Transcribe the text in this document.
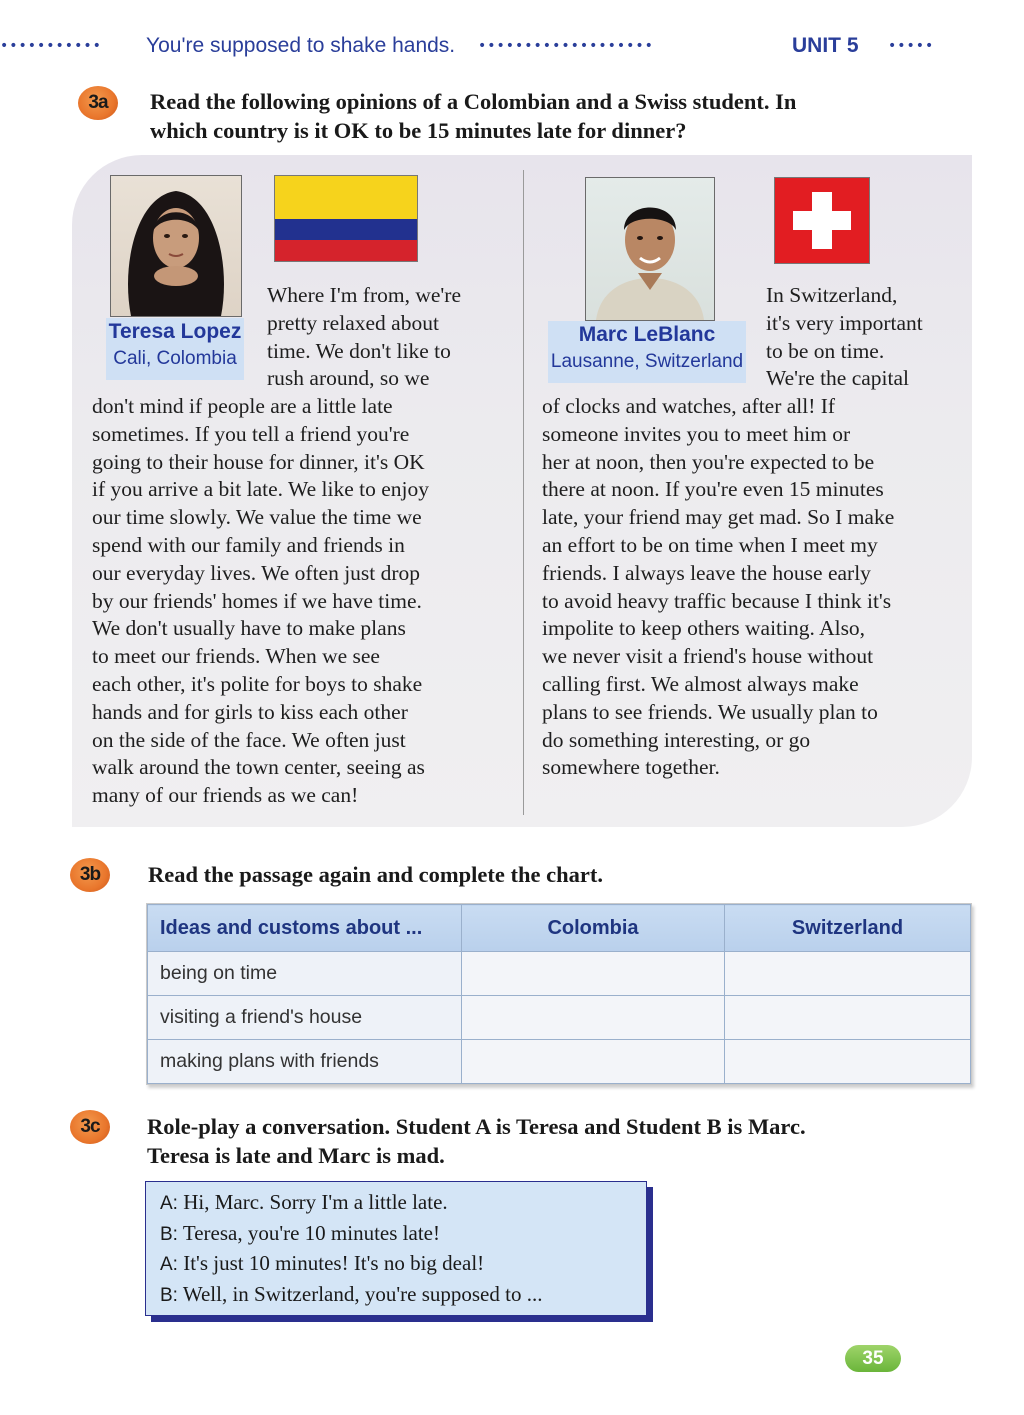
••••••••••• You're supposed to shake hands. •••••••••••••••••••	UNIT 5 •••••
3a	Read the following opinions of a Colombian and a Swiss student. In
which country is it OK to be 15 minutes late for dinner?
Teresa Lopez
Cali, Colombia
Where I'm from, we're
pretty relaxed about
time. We don't like to
rush around, so we
don't mind if people are a little late
sometimes. If you tell a friend you're
going to their house for dinner, it's OK
if you arrive a bit late. We like to enjoy
our time slowly. We value the time we
spend with our family and friends in
our everyday lives. We often just drop
by our friends' homes if we have time.
We don't usually have to make plans
to meet our friends. When we see
each other, it's polite for boys to shake
hands and for girls to kiss each other
on the side of the face. We often just
walk around the town center, seeing as
many of our friends as we can!
Marc LeBlanc
Lausanne, Switzerland
In Switzerland,
it's very important
to be on time.
We're the capital
of clocks and watches, after all! If
someone invites you to meet him or
her at noon, then you're expected to be
there at noon. If you're even 15 minutes
late, your friend may get mad. So I make
an effort to be on time when I meet my
friends. I always leave the house early
to avoid heavy traffic because I think it's
impolite to keep others waiting. Also,
we never visit a friend's house without
calling first. We almost always make
plans to see friends. We usually plan to
do something interesting, or go
somewhere together.
3b	Read the passage again and complete the chart.
Ideas and customs about ...	Colombia	Switzerland
being on time		
visiting a friend's house		
making plans with friends		
3c	Role-play a conversation. Student A is Teresa and Student B is Marc.
Teresa is late and Marc is mad.
A: Hi, Marc. Sorry I'm a little late.
B: Teresa, you're 10 minutes late!
A: It's just 10 minutes! It's no big deal!
B: Well, in Switzerland, you're supposed to ...
35
